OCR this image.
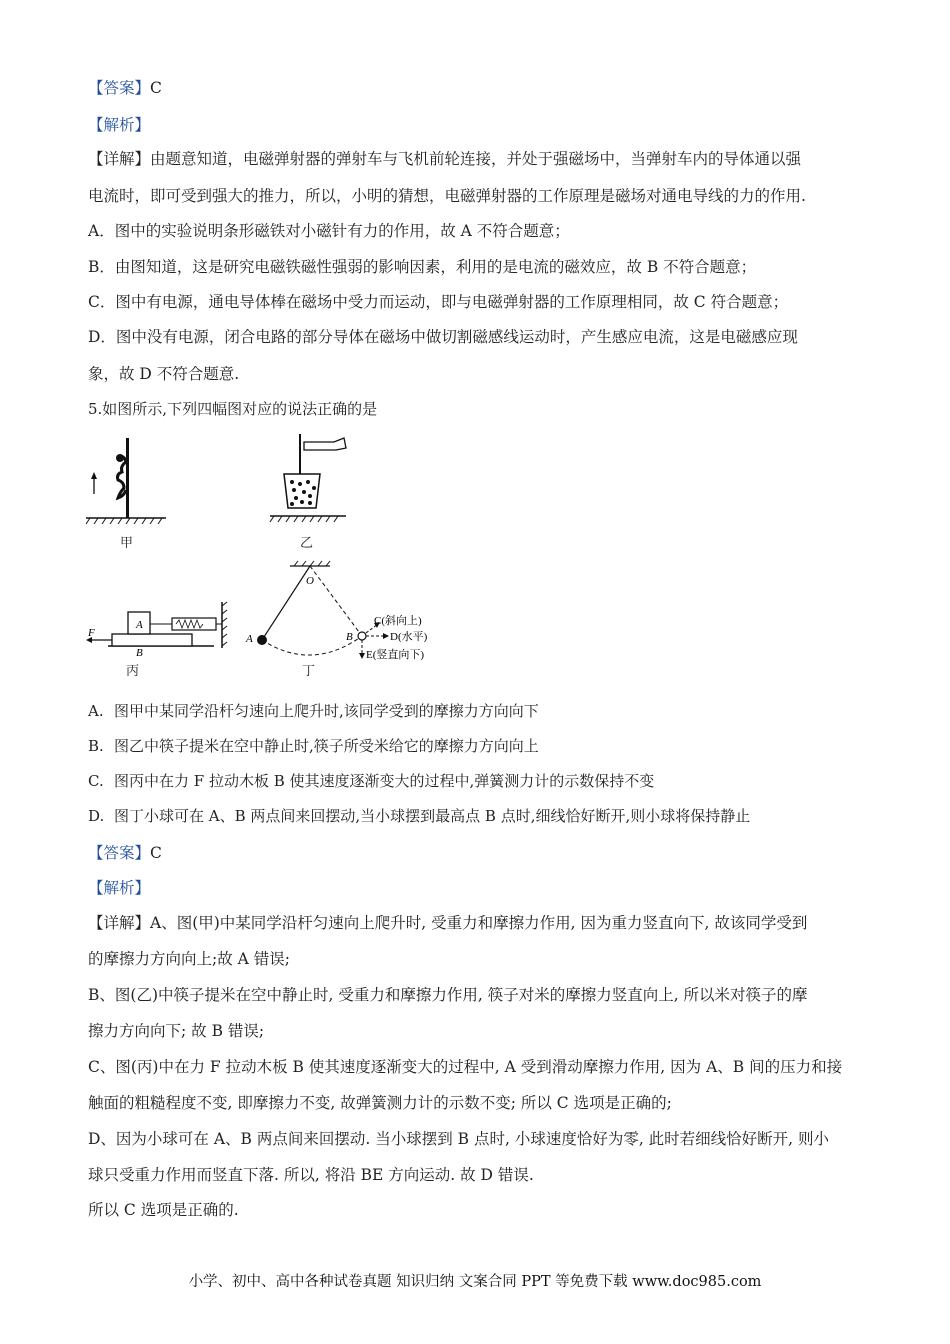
【答案】C
【解析】
【详解】由题意知道，电磁弹射器的弹射车与飞机前轮连接，并处于强磁场中，当弹射车内的导体通以强
电流时，即可受到强大的推力，所以，小明的猜想，电磁弹射器的工作原理是磁场对通电导线的力的作用.
A．图中的实验说明条形磁铁对小磁针有力的作用，故 A 不符合题意；
B．由图知道，这是研究电磁铁磁性强弱的影响因素，利用的是电流的磁效应，故 B 不符合题意；
C．图中有电源，通电导体棒在磁场中受力而运动，即与电磁弹射器的工作原理相同，故 C 符合题意；
D．图中没有电源，闭合电路的部分导体在磁场中做切割磁感线运动时，产生感应电流，这是电磁感应现
象，故 D 不符合题意.
5.如图所示,下列四幅图对应的说法正确的是
甲	乙
F
A
B
丙
O
A	B
C(斜向上)
D(水平)
E(竖直向下)
丁
A. 图甲中某同学沿杆匀速向上爬升时,该同学受到的摩擦力方向向下
B. 图乙中筷子提米在空中静止时,筷子所受米给它的摩擦力方向向上
C. 图丙中在力 F 拉动木板 B 使其速度逐渐变大的过程中,弹簧测力计的示数保持不变
D. 图丁小球可在 A、B 两点间来回摆动,当小球摆到最高点 B 点时,细线恰好断开,则小球将保持静止
【答案】C
【解析】
【详解】A、图(甲)中某同学沿杆匀速向上爬升时, 受重力和摩擦力作用, 因为重力竖直向下, 故该同学受到
的摩擦力方向向上;故 A 错误;
B、图(乙)中筷子提米在空中静止时, 受重力和摩擦力作用, 筷子对米的摩擦力竖直向上, 所以米对筷子的摩
擦力方向向下; 故 B 错误;
C、图(丙)中在力 F 拉动木板 B 使其速度逐渐变大的过程中, A 受到滑动摩擦力作用, 因为 A、B 间的压力和接
触面的粗糙程度不变, 即摩擦力不变, 故弹簧测力计的示数不变; 所以 C 选项是正确的;
D、因为小球可在 A、B 两点间来回摆动. 当小球摆到 B 点时, 小球速度恰好为零, 此时若细线恰好断开, 则小
球只受重力作用而竖直下落. 所以, 将沿 BE 方向运动. 故 D 错误.
所以 C 选项是正确的.
小学、初中、高中各种试卷真题 知识归纳 文案合同 PPT 等免费下载 www.doc985.com
